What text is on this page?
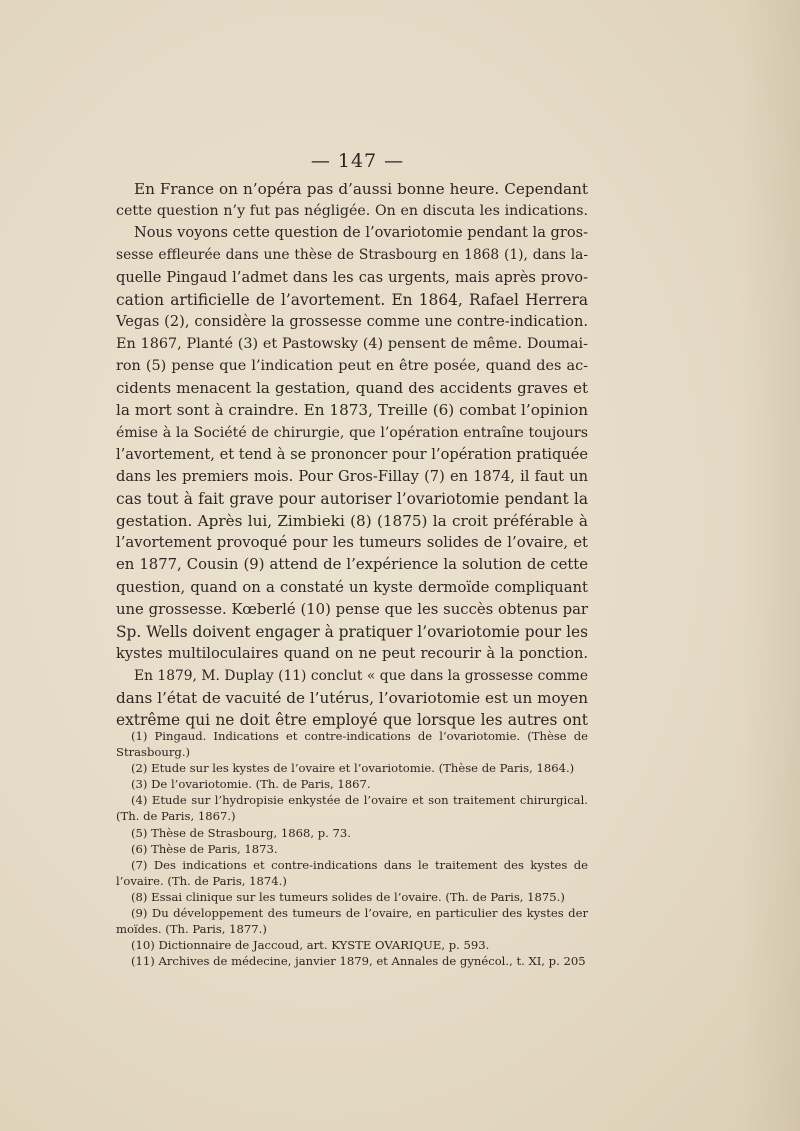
— 147 —
En France on n’opéra pas d’aussi bonne heure. Cependant
cette question n’y fut pas négligée. On en discuta les indications.
Nous voyons cette question de l’ovariotomie pendant la gros-
sesse effleurée dans une thèse de Strasbourg en 1868 (1), dans la-
quelle Pingaud l’admet dans les cas urgents, mais après provo-
cation artificielle de l’avortement. En 1864, Rafael Herrera
Vegas (2), considère la grossesse comme une contre-indication.
En 1867, Planté (3) et Pastowsky (4) pensent de même. Doumai-
ron (5) pense que l’indication peut en être posée, quand des ac-
cidents menacent la gestation, quand des accidents graves et
la mort sont à craindre. En 1873, Treille (6) combat l’opinion
émise à la Société de chirurgie, que l’opération entraîne toujours
l’avortement, et tend à se prononcer pour l’opération pratiquée
dans les premiers mois. Pour Gros-Fillay (7) en 1874, il faut un
cas tout à fait grave pour autoriser l’ovariotomie pendant la
gestation. Après lui, Zimbieki (8) (1875) la croit préférable à
l’avortement provoqué pour les tumeurs solides de l’ovaire, et
en 1877, Cousin (9) attend de l’expérience la solution de cette
question, quand on a constaté un kyste dermoïde compliquant
une grossesse. Kœberlé (10) pense que les succès obtenus par
Sp. Wells doivent engager à pratiquer l’ovariotomie pour les
kystes multiloculaires quand on ne peut recourir à la ponction.
En 1879, M. Duplay (11) conclut « que dans la grossesse comme
dans l’état de vacuité de l’utérus, l’ovariotomie est un moyen
extrême qui ne doit être employé que lorsque les autres ont
(1) Pingaud. Indications et contre-indications de l’ovariotomie. (Thèse de
Strasbourg.)
(2) Etude sur les kystes de l’ovaire et l’ovariotomie. (Thèse de Paris, 1864.)
(3) De l’ovariotomie. (Th. de Paris, 1867.
(4) Etude sur l’hydropisie enkystée de l’ovaire et son traitement chirurgical.
(Th. de Paris, 1867.)
(5) Thèse de Strasbourg, 1868, p. 73.
(6) Thèse de Paris, 1873.
(7) Des indications et contre-indications dans le traitement des kystes de
l’ovaire. (Th. de Paris, 1874.)
(8) Essai clinique sur les tumeurs solides de l’ovaire. (Th. de Paris, 1875.)
(9) Du développement des tumeurs de l’ovaire, en particulier des kystes der
moïdes. (Th. Paris, 1877.)
(10) Dictionnaire de Jaccoud, art. KYSTE OVARIQUE, p. 593.
(11) Archives de médecine, janvier 1879, et Annales de gynécol., t. XI, p. 205
